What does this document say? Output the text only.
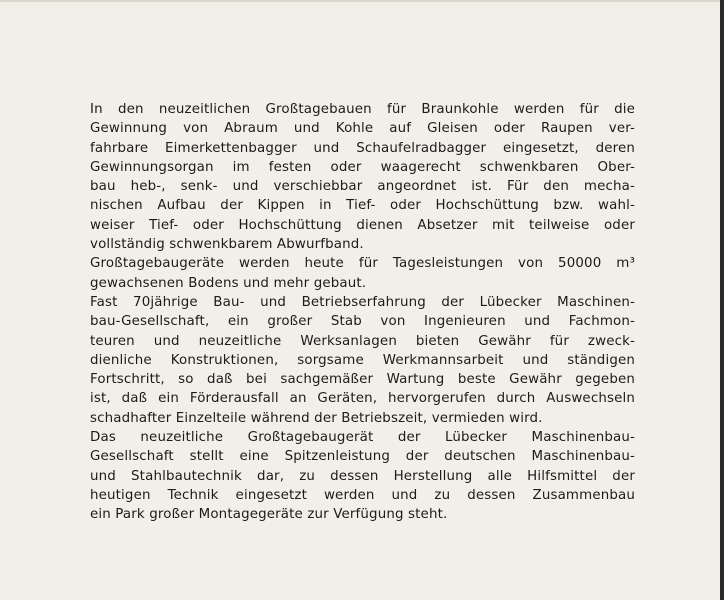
In den neuzeitlichen Großtagebauen für Braunkohle werden für die
Gewinnung von Abraum und Kohle auf Gleisen oder Raupen ver-
fahrbare Eimerkettenbagger und Schaufelradbagger eingesetzt, deren
Gewinnungsorgan im festen oder waagerecht schwenkbaren Ober-
bau heb-, senk- und verschiebbar angeordnet ist. Für den mecha-
nischen Aufbau der Kippen in Tief- oder Hochschüttung bzw. wahl-
weiser Tief- oder Hochschüttung dienen Absetzer mit teilweise oder
vollständig schwenkbarem Abwurfband.
Großtagebaugeräte werden heute für Tagesleistungen von 50000 m³
gewachsenen Bodens und mehr gebaut.
Fast 70jährige Bau- und Betriebserfahrung der Lübecker Maschinen-
bau-Gesellschaft, ein großer Stab von Ingenieuren und Fachmon-
teuren und neuzeitliche Werksanlagen bieten Gewähr für zweck-
dienliche Konstruktionen, sorgsame Werkmannsarbeit und ständigen
Fortschritt, so daß bei sachgemäßer Wartung beste Gewähr gegeben
ist, daß ein Förderausfall an Geräten, hervorgerufen durch Auswechseln
schadhafter Einzelteile während der Betriebszeit, vermieden wird.
Das neuzeitliche Großtagebaugerät der Lübecker Maschinenbau-
Gesellschaft stellt eine Spitzenleistung der deutschen Maschinenbau-
und Stahlbautechnik dar, zu dessen Herstellung alle Hilfsmittel der
heutigen Technik eingesetzt werden und zu dessen Zusammenbau
ein Park großer Montagegeräte zur Verfügung steht.
